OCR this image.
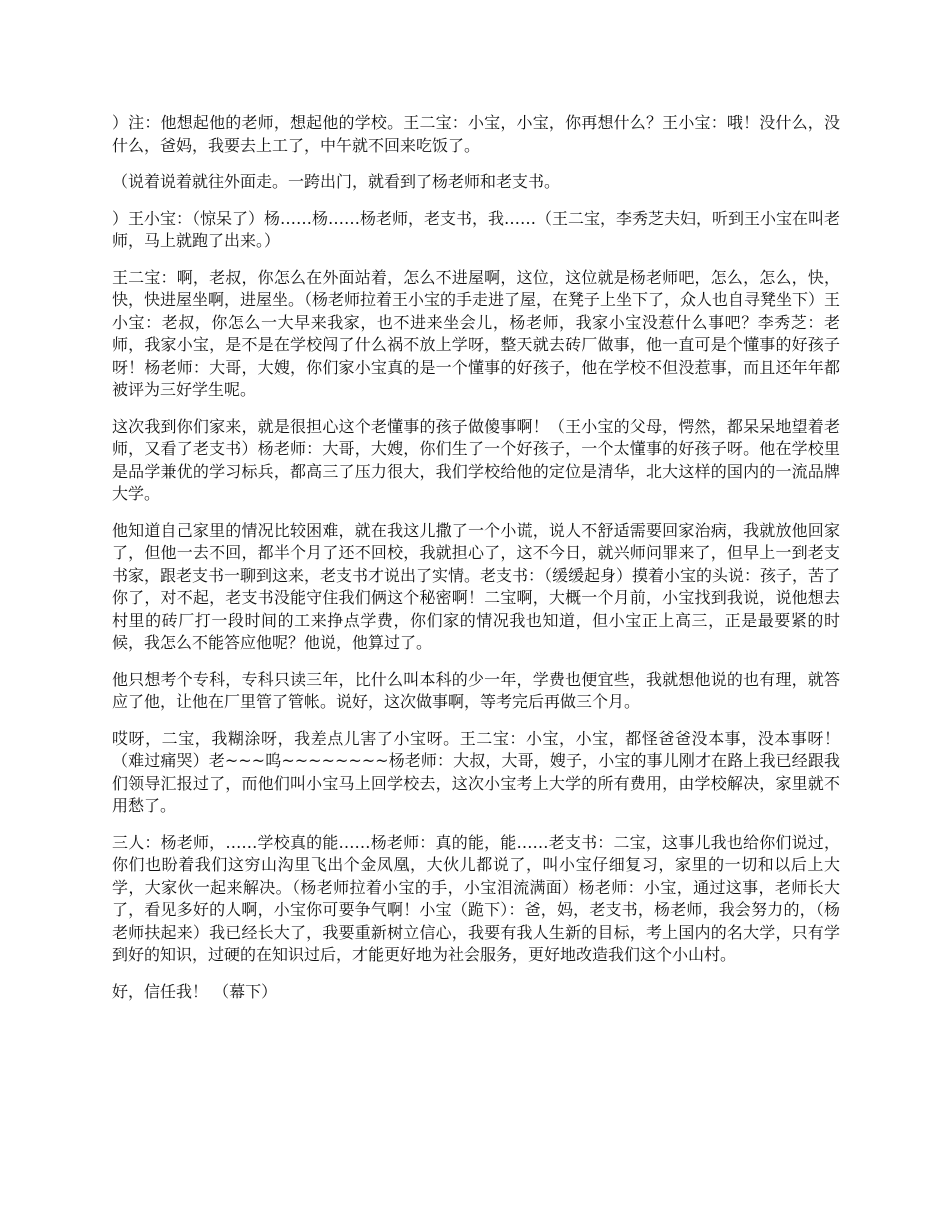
）注：他想起他的老师，想起他的学校。王二宝：小宝，小宝，你再想什么？王小宝：哦！没什么，没什么，爸妈，我要去上工了，中午就不回来吃饭了。

（说着说着就往外面走。一跨出门，就看到了杨老师和老支书。

）王小宝：（惊呆了）杨……杨……杨老师，老支书，我……（王二宝，李秀芝夫妇，听到王小宝在叫老师，马上就跑了出来。）

王二宝：啊，老叔，你怎么在外面站着，怎么不进屋啊，这位，这位就是杨老师吧，怎么，怎么，快，快，快进屋坐啊，进屋坐。（杨老师拉着王小宝的手走进了屋，在凳子上坐下了，众人也自寻凳坐下）王小宝：老叔，你怎么一大早来我家，也不进来坐会儿，杨老师，我家小宝没惹什么事吧？李秀芝：老师，我家小宝，是不是在学校闯了什么祸不放上学呀，整天就去砖厂做事，他一直可是个懂事的好孩子呀！杨老师：大哥，大嫂，你们家小宝真的是一个懂事的好孩子，他在学校不但没惹事，而且还年年都被评为三好学生呢。

这次我到你们家来，就是很担心这个老懂事的孩子做傻事啊！（王小宝的父母，愕然，都呆呆地望着老师，又看了老支书）杨老师：大哥，大嫂，你们生了一个好孩子，一个太懂事的好孩子呀。他在学校里是品学兼优的学习标兵，都高三了压力很大，我们学校给他的定位是清华，北大这样的国内的一流品牌大学。

他知道自己家里的情况比较困难，就在我这儿撒了一个小谎，说人不舒适需要回家治病，我就放他回家了，但他一去不回，都半个月了还不回校，我就担心了，这不今日，就兴师问罪来了，但早上一到老支书家，跟老支书一聊到这来，老支书才说出了实情。老支书：（缓缓起身）摸着小宝的头说：孩子，苦了你了，对不起，老支书没能守住我们俩这个秘密啊！二宝啊，大概一个月前，小宝找到我说，说他想去村里的砖厂打一段时间的工来挣点学费，你们家的情况我也知道，但小宝正上高三，正是最要紧的时候，我怎么不能答应他呢？他说，他算过了。

他只想考个专科，专科只读三年，比什么叫本科的少一年，学费也便宜些，我就想他说的也有理，就答应了他，让他在厂里管了管帐。说好，这次做事啊，等考完后再做三个月。

哎呀，二宝，我糊涂呀，我差点儿害了小宝呀。王二宝：小宝，小宝，都怪爸爸没本事，没本事呀！（难过痛哭）老~~~呜~~~~~~~~杨老师：大叔，大哥，嫂子，小宝的事儿刚才在路上我已经跟我们领导汇报过了，而他们叫小宝马上回学校去，这次小宝考上大学的所有费用，由学校解决，家里就不用愁了。

三人：杨老师，……学校真的能……杨老师：真的能，能……老支书：二宝，这事儿我也给你们说过，你们也盼着我们这穷山沟里飞出个金凤凰，大伙儿都说了，叫小宝仔细复习，家里的一切和以后上大学，大家伙一起来解决。（杨老师拉着小宝的手，小宝泪流满面）杨老师：小宝，通过这事，老师长大了，看见多好的人啊，小宝你可要争气啊！小宝（跪下）：爸，妈，老支书，杨老师，我会努力的，（杨老师扶起来）我已经长大了，我要重新树立信心，我要有我人生新的目标，考上国内的名大学，只有学到好的知识，过硬的在知识过后，才能更好地为社会服务，更好地改造我们这个小山村。

好，信任我！ （幕下）
